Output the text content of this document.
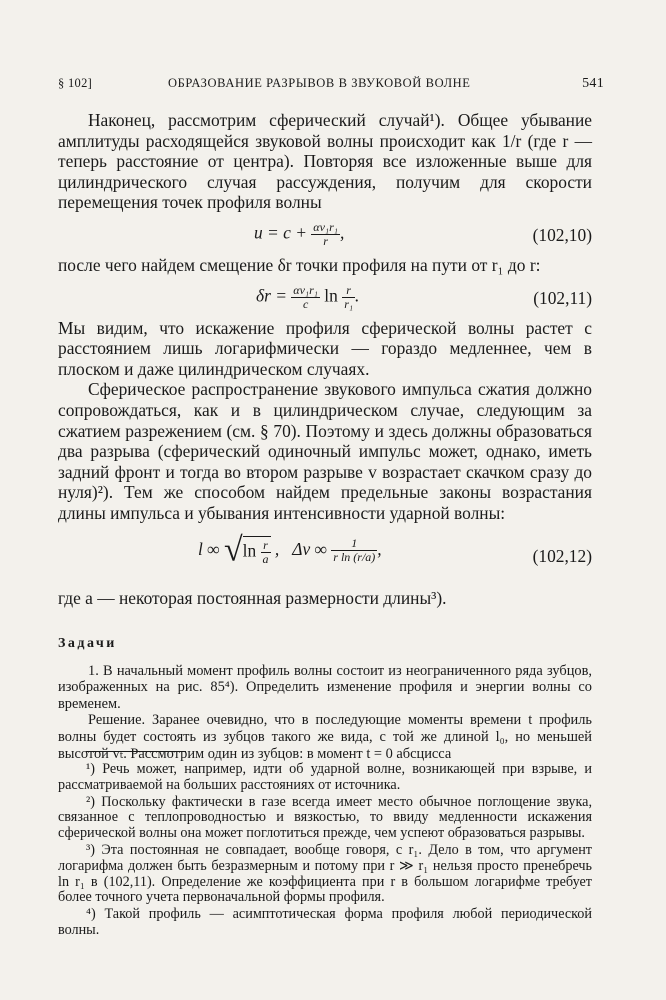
§ 102]	ОБРАЗОВАНИЕ РАЗРЫВОВ В ЗВУКОВОЙ ВОЛНЕ	541

Наконец, рассмотрим сферический случай¹). Общее убывание амплитуды расходящейся звуковой волны происходит как 1/r (где r — теперь расстояние от центра). Повторяя все изложенные выше для цилиндрического случая рассуждения, получим для скорости перемещения точек профиля волны

$u = c + \frac{\text{αv₁r₁}}{r}$ ,	(102,10)

после чего найдем смещение δr точки профиля на пути от r₁ до r:

$\delta r = \frac{\text{αv₁r₁}}{c}$ $\ln \frac{r}{\text{r₁}}$ .	(102,11)

Мы видим, что искажение профиля сферической волны растет с расстоянием лишь логарифмически — гораздо медленнее, чем в плоском и даже цилиндрическом случаях.

Сферическое распространение звукового импульса сжатия должно сопровождаться, как и в цилиндрическом случае, следующим за сжатием разрежением (см. § 70). Поэтому и здесь должны образоваться два разрыва (сферический одиночный импульс может, однако, иметь задний фронт и тогда во втором разрыве v возрастает скачком сразу до нуля)²). Тем же способом найдем предельные законы возрастания длины импульса и убывания интенсивности ударной волны:

l ∞ $√\ln \frac{r}{a}$ ,   Δv ∞ $\frac{1}{\text{r ln (r/a)}}$ ,	(102,12)

где a — некоторая постоянная размерности длины³).

Задачи

1. В начальный момент профиль волны состоит из неограниченного ряда зубцов, изображенных на рис. 85⁴). Определить изменение профиля и энергии волны со временем.

Решение. Заранее очевидно, что в последующие моменты времени t профиль волны будет состоять из зубцов такого же вида, с той же длиной l₀, но меньшей высотой vₜ. Рассмотрим один из зубцов: в момент t = 0 абсцисса

¹) Речь может, например, идти об ударной волне, возникающей при взрыве, и рассматриваемой на больших расстояниях от источника.

²) Поскольку фактически в газе всегда имеет место обычное поглощение звука, связанное с теплопроводностью и вязкостью, то ввиду медленности искажения сферической волны она может поглотиться прежде, чем успеют образоваться разрывы.

³) Эта постоянная не совпадает, вообще говоря, с r₁. Дело в том, что аргумент логарифма должен быть безразмерным и потому при r ≫ r₁ нельзя просто пренебречь ln r₁ в (102,11). Определение же коэффициента при r в большом логарифме требует более точного учета первоначальной формы профиля.

⁴) Такой профиль — асимптотическая форма профиля любой периодической волны.
